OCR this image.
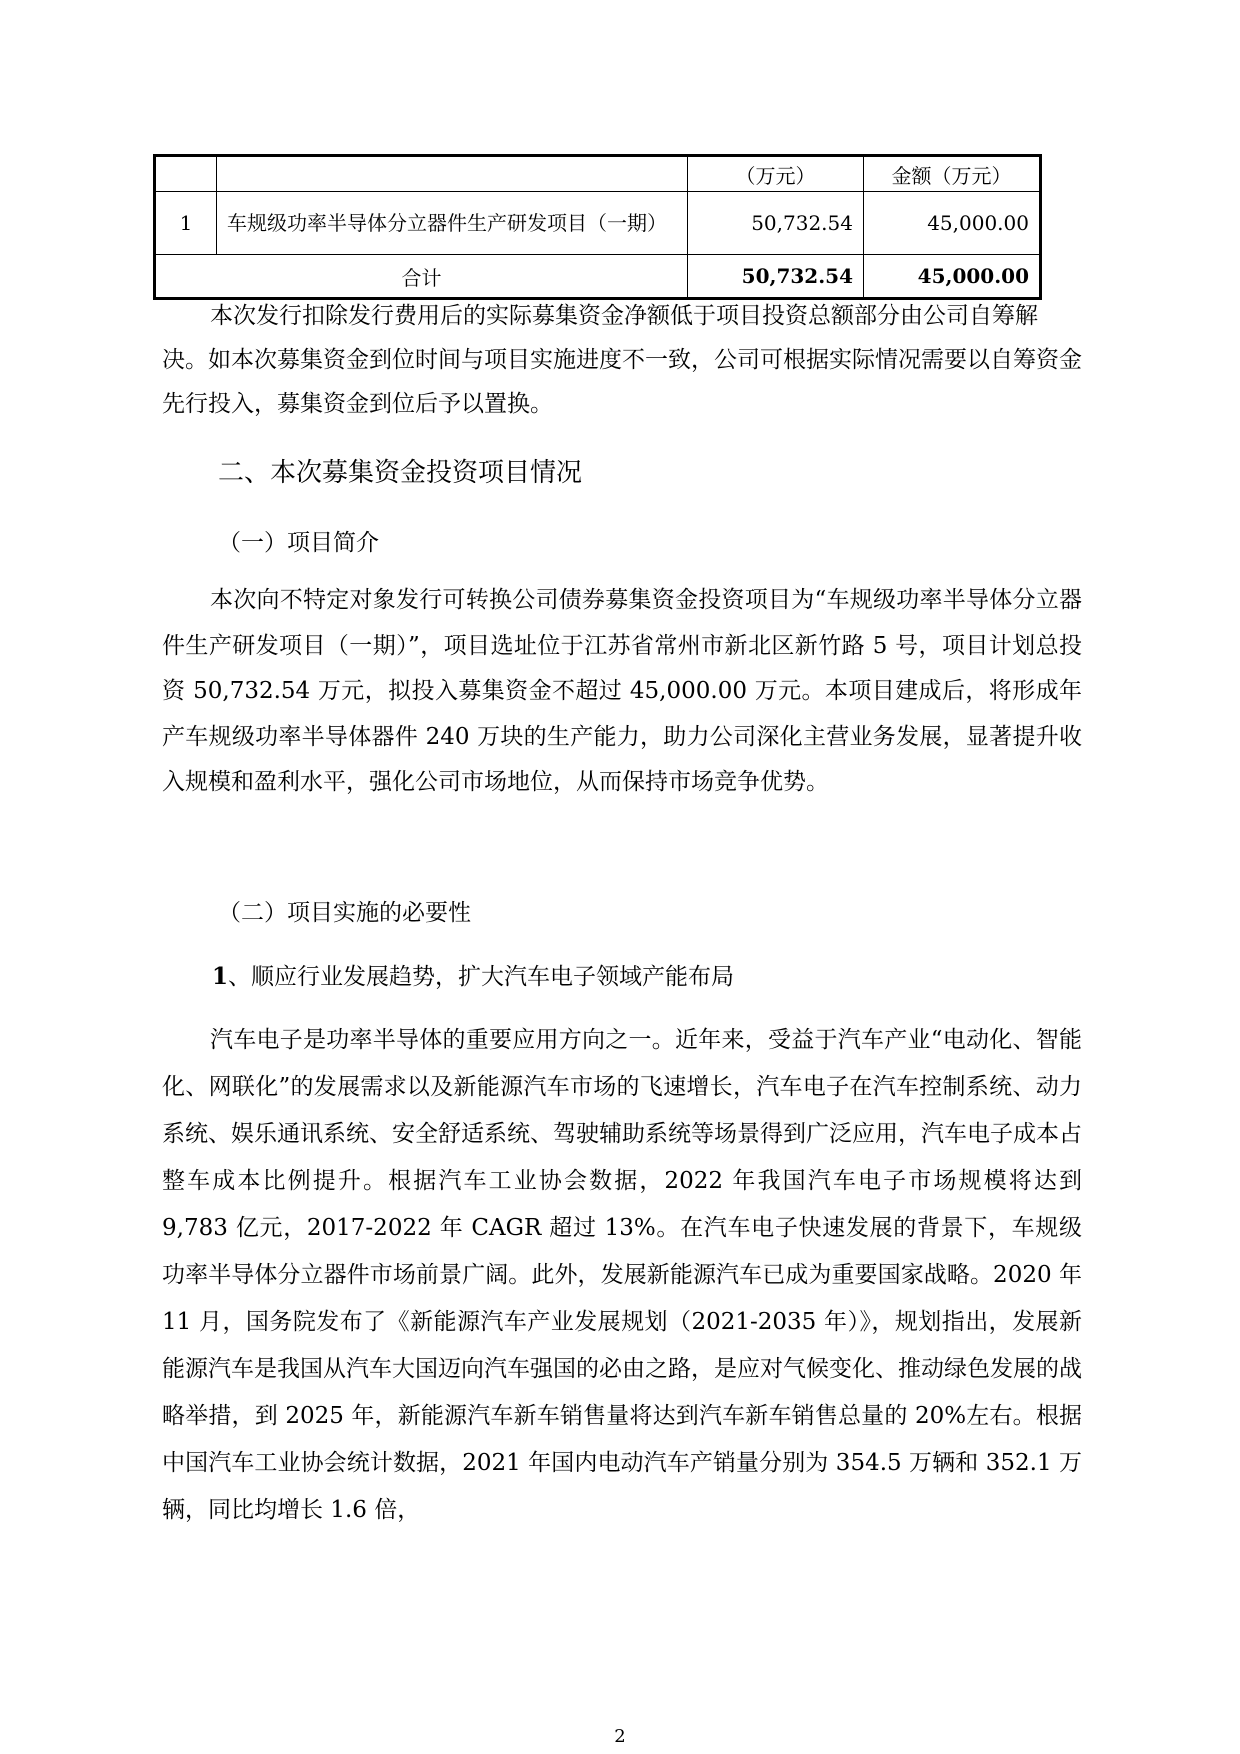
		（万元）	金额（万元）
1	车规级功率半导体分立器件生产研发项目（一期）	50,732.54	45,000.00
合计		50,732.54	45,000.00
本次发行扣除发行费用后的实际募集资金净额低于项目投资总额部分由公司自筹解决。如本次募集资金到位时间与项目实施进度不一致，公司可根据实际情况需要以自筹资金先行投入，募集资金到位后予以置换。
二、本次募集资金投资项目情况
（一）项目简介
本次向不特定对象发行可转换公司债券募集资金投资项目为“车规级功率半导体分立器件生产研发项目（一期）”，项目选址位于江苏省常州市新北区新竹路 5 号，项目计划总投资 50,732.54 万元，拟投入募集资金不超过 45,000.00 万元。本项目建成后，将形成年产车规级功率半导体器件 240 万块的生产能力，助力公司深化主营业务发展，显著提升收入规模和盈利水平，强化公司市场地位，从而保持市场竞争优势。
（二）项目实施的必要性
1、顺应行业发展趋势，扩大汽车电子领域产能布局
汽车电子是功率半导体的重要应用方向之一。近年来，受益于汽车产业“电动化、智能化、网联化”的发展需求以及新能源汽车市场的飞速增长，汽车电子在汽车控制系统、动力系统、娱乐通讯系统、安全舒适系统、驾驶辅助系统等场景得到广泛应用，汽车电子成本占整车成本比例提升。根据汽车工业协会数据，2022 年我国汽车电子市场规模将达到 9,783 亿元，2017-2022 年 CAGR 超过 13%。在汽车电子快速发展的背景下，车规级功率半导体分立器件市场前景广阔。此外，发展新能源汽车已成为重要国家战略。2020 年 11 月，国务院发布了《新能源汽车产业发展规划（2021-2035 年）》，规划指出，发展新能源汽车是我国从汽车大国迈向汽车强国的必由之路，是应对气候变化、推动绿色发展的战略举措，到 2025 年，新能源汽车新车销售量将达到汽车新车销售总量的 20%左右。根据中国汽车工业协会统计数据，2021 年国内电动汽车产销量分别为 354.5 万辆和 352.1 万辆，同比均增长 1.6 倍，
2
